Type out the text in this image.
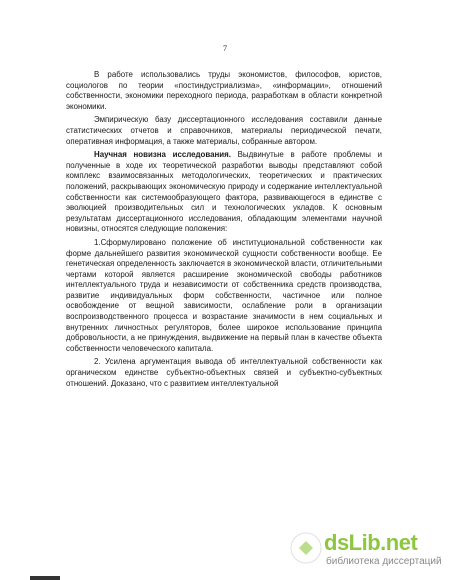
7

В работе использовались труды экономистов, философов, юристов, социологов по теории «постиндустриализма», «информации», отношений собственности, экономики переходного периода, разработкам в области конкретной экономики.

Эмпирическую базу диссертационного исследования составили данные статистических отчетов и справочников, материалы периодической печати, оперативная информация, а также материалы, собранные автором.

Научная новизна исследования. Выдвинутые в работе проблемы и полученные в ходе их теоретической разработки выводы представляют собой комплекс взаимосвязанных методологических, теоретических и практических положений, раскрывающих экономическую природу и содержание интеллектуальной собственности как системообразующего фактора, развивающегося в единстве с эволюцией производительных сил и технологических укладов. К основным результатам диссертационного исследования, обладающим элементами научной новизны, относятся следующие положения:

1.Сформулировано положение об институциональной собственности как форме дальнейшего развития экономической сущности собственности вообще. Ее генетическая определенность заключается в экономической власти, отличительными чертами которой является расширение экономической свободы работников интеллектуального труда и независимости от собственника средств производства, развитие индивидуальных форм собственности, частичное или полное освобождение от вещной зависимости, ослабление роли в организации воспроизводственного процесса и возрастание значимости в нем социальных и внутренних личностных регуляторов, более широкое использование принципа добровольности, а не принуждения, выдвижение на первый план в качестве объекта собственности человеческого капитала.

2. Усилена аргументация вывода об интеллектуальной собственности как органическом единстве субъектно-объектных связей и субъектно-субъектных отношений. Доказано, что с развитием интеллектуальной

dsLib.net
библиотека диссертаций
